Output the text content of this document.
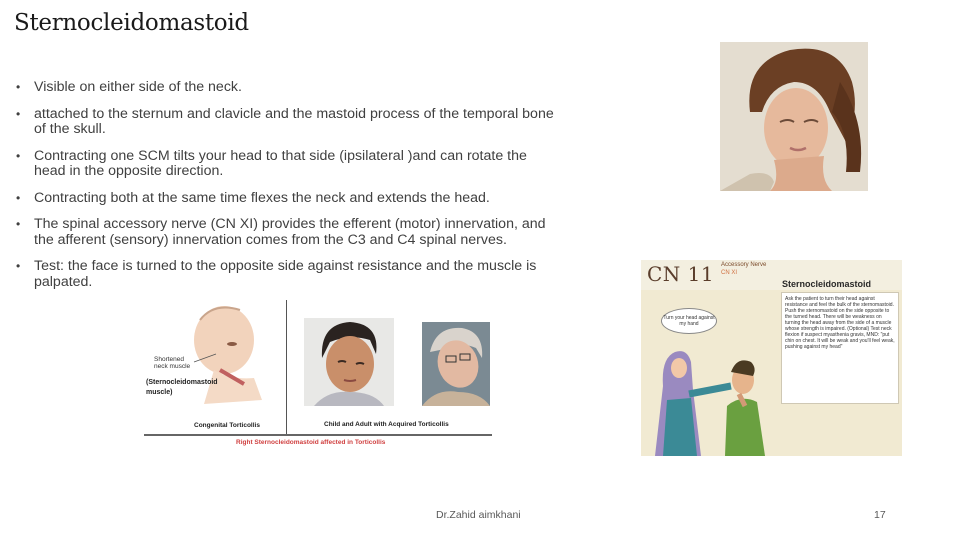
Sternocleidomastoid
• Visible on either side of the neck.
• attached to the sternum and clavicle and the mastoid process of the temporal bone of the skull.
• Contracting one SCM tilts your head to that side (ipsilateral )and can rotate the head in the opposite direction.
• Contracting both at the same time flexes the neck and extends the head.
• The spinal accessory nerve (CN XI) provides the efferent (motor) innervation, and the afferent (sensory) innervation comes from the C3 and C4 spinal nerves.
• Test: the face is turned to the opposite side against resistance and the muscle is palpated.
Shortened neck muscle
(Sternocleidomastoid muscle)
Congenital Torticollis	Child and Adult with Acquired Torticollis
Right Sternocleidomastoid affected in Torticollis
CN 11 Accessory Nerve
CN XI
Sternocleidomastoid
Ask the patient to turn their head against resistance and feel the bulk of the sternomastoid. Push the sternomastoid on the side opposite to the turned head. There will be weakness on turning the head away from the side of a muscle whose strength is impaired. (Optional) Test neck flexion if suspect myasthenia gravis, MND: "put chin on chest. It will be weak and you'll feel weak, pushing against my head"
Turn your head against my hand
Dr.Zahid aimkhani	17
